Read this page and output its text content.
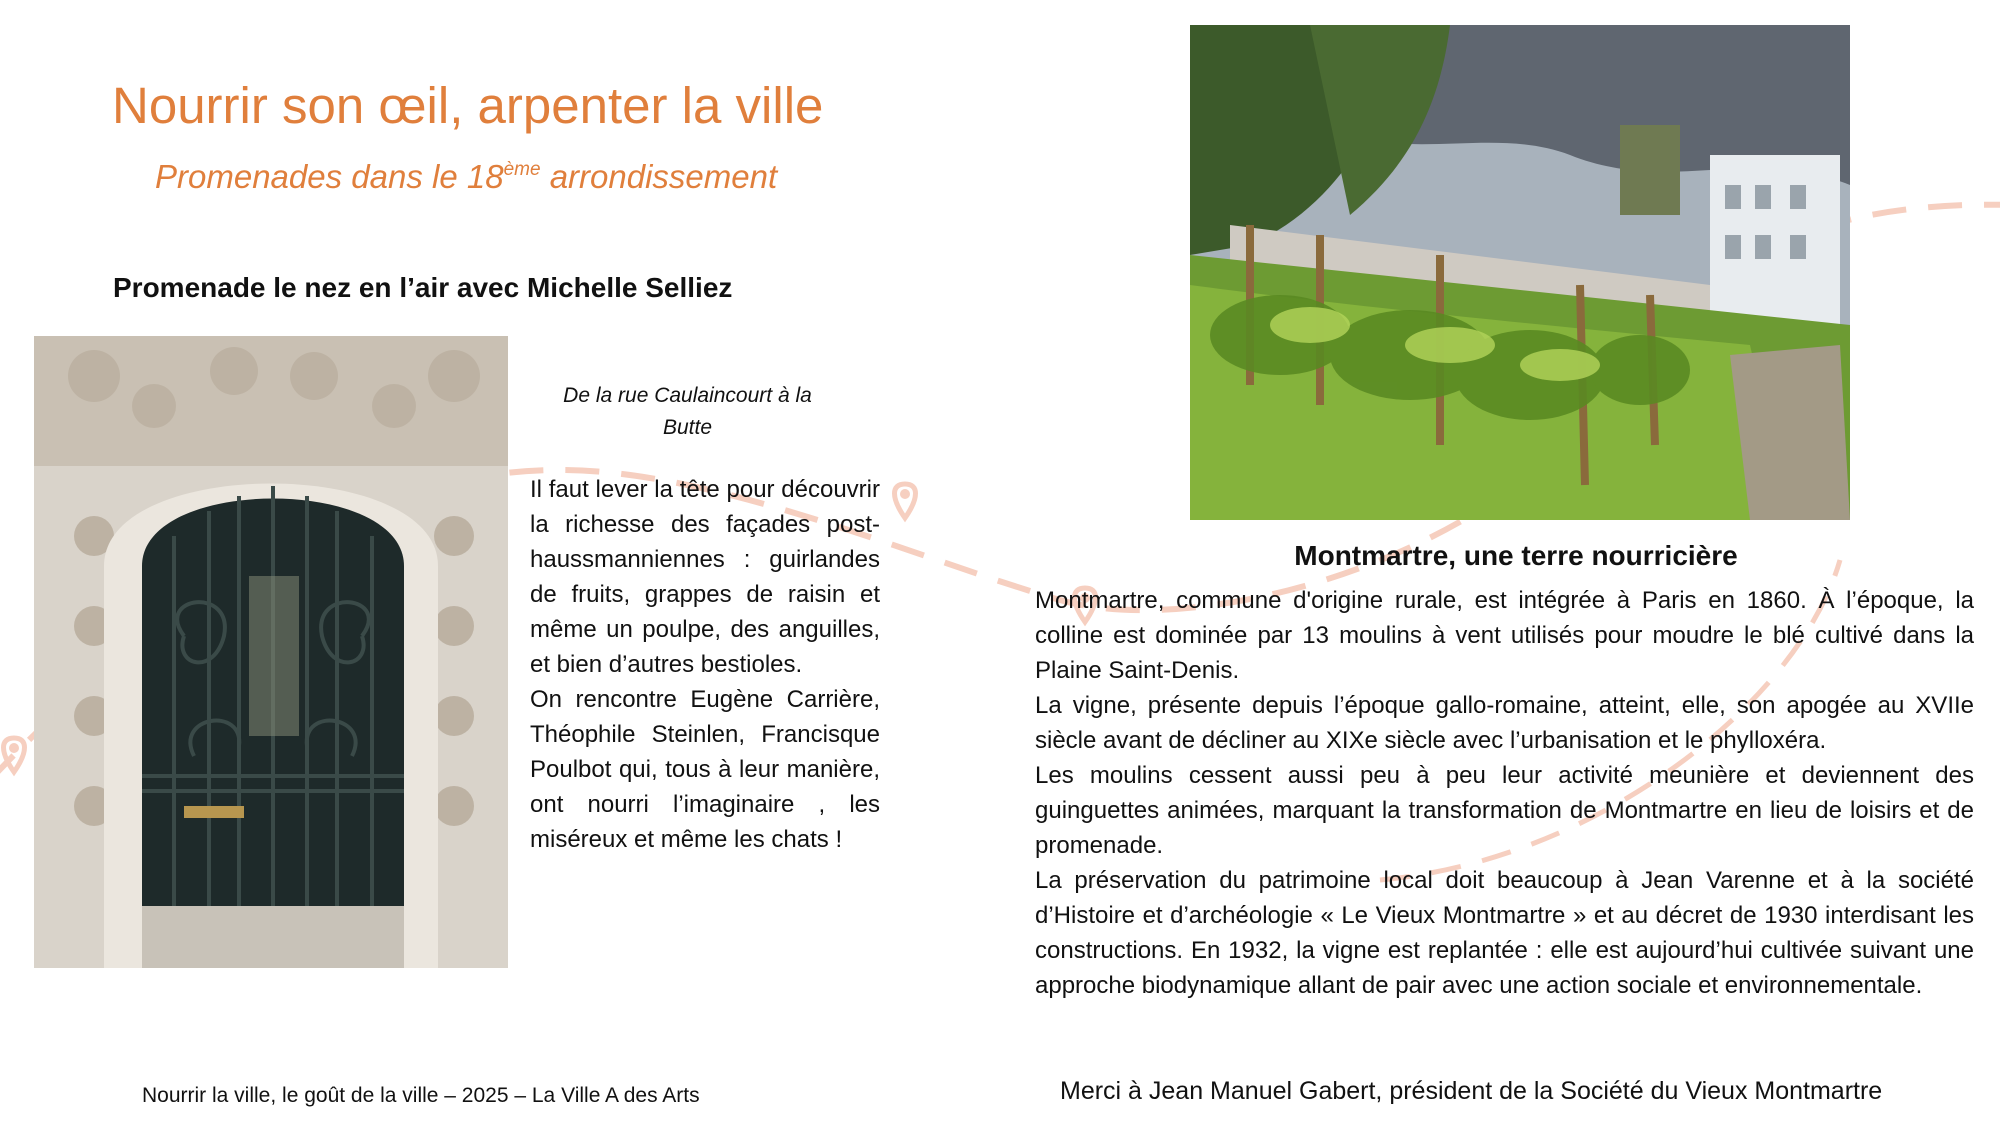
Nourrir son œil, arpenter la ville
Promenades dans le 18ème arrondissement
Promenade le nez en l’air avec Michelle Selliez
De la rue Caulaincourt à la Butte

Il faut lever la tête pour découvrir la richesse des façades post-haussmanniennes : guirlandes de fruits, grappes de raisin et même un poulpe, des anguilles, et bien d’autres bestioles.

On rencontre Eugène Carrière, Théophile Steinlen, Francisque Poulbot qui, tous à leur manière, ont nourri l’imaginaire , les miséreux et même les chats !

Montmartre, une terre nourricière

Montmartre, commune d'origine rurale, est intégrée à Paris en 1860. À l’époque, la colline est dominée par 13 moulins à vent utilisés pour moudre le blé cultivé dans la Plaine Saint-Denis.

La vigne, présente depuis l’époque gallo-romaine, atteint, elle, son apogée au XVIIe siècle avant de décliner au XIXe siècle avec l’urbanisation et le phylloxéra.

Les moulins cessent aussi peu à peu leur activité meunière et deviennent des guinguettes animées, marquant la transformation de Montmartre en lieu de loisirs et de promenade.

La préservation du patrimoine local doit beaucoup à Jean Varenne et à la société d’Histoire et d’archéologie « Le Vieux Montmartre » et au décret de 1930 interdisant les constructions. En 1932, la vigne est replantée : elle est aujourd’hui cultivée suivant une approche biodynamique allant de pair avec une action sociale et environnementale.

Nourrir la ville, le goût de la ville – 2025 – La Ville A des Arts	Merci à Jean Manuel Gabert, président de la Société du Vieux Montmartre
